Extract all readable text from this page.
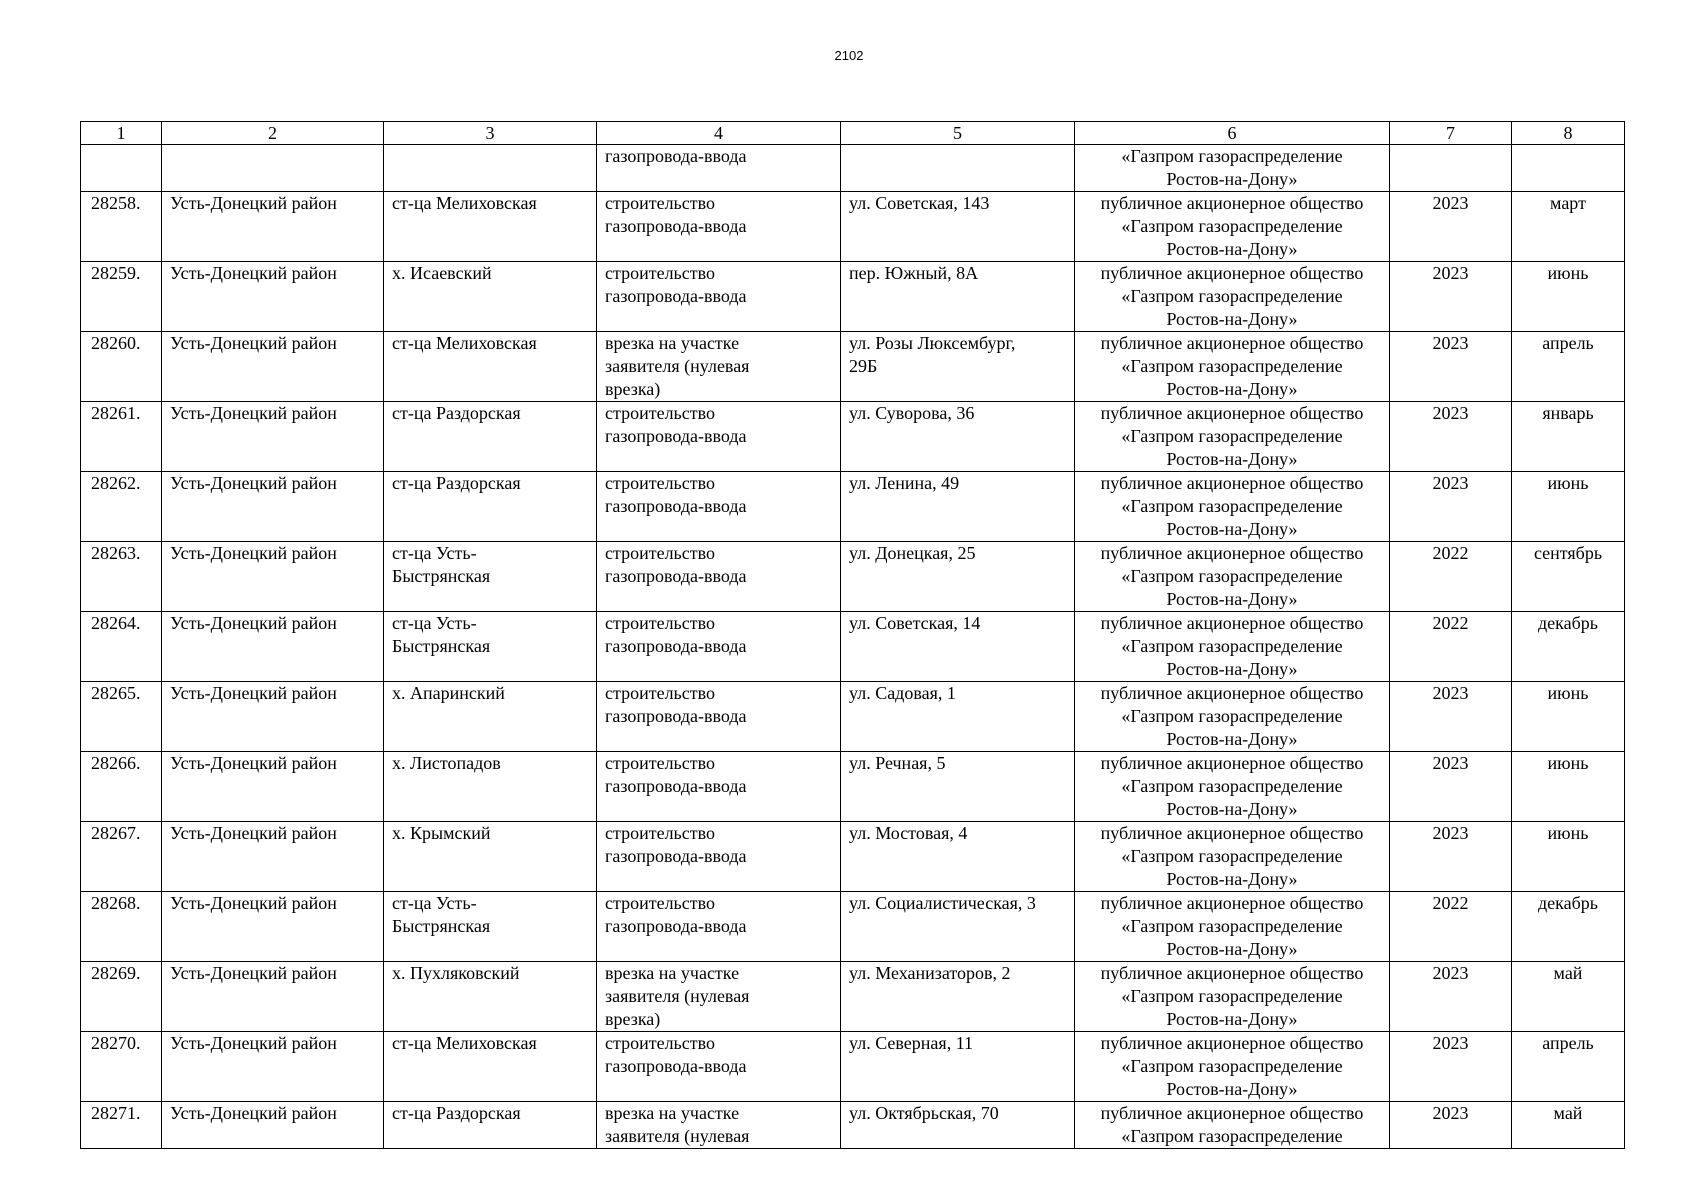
2102
1	2	3	4	5	6	7	8

			газопровода-ввода		«Газпром газораспределение
Ростов-на-Дону»		

28258.	Усть-Донецкий район	ст-ца Мелиховская	строительство
газопровода-ввода	ул. Советская, 143	публичное акционерное общество
«Газпром газораспределение
Ростов-на-Дону»	2023	март
28259.	Усть-Донецкий район	х. Исаевский	строительство
газопровода-ввода	пер. Южный, 8А	публичное акционерное общество
«Газпром газораспределение
Ростов-на-Дону»	2023	июнь
28260.	Усть-Донецкий район	ст-ца Мелиховская	врезка на участке
заявителя (нулевая
врезка)	ул. Розы Люксембург,
29Б	публичное акционерное общество
«Газпром газораспределение
Ростов-на-Дону»	2023	апрель
28261.	Усть-Донецкий район	ст-ца Раздорская	строительство
газопровода-ввода	ул. Суворова, 36	публичное акционерное общество
«Газпром газораспределение
Ростов-на-Дону»	2023	январь
28262.	Усть-Донецкий район	ст-ца Раздорская	строительство
газопровода-ввода	ул. Ленина, 49	публичное акционерное общество
«Газпром газораспределение
Ростов-на-Дону»	2023	июнь
28263.	Усть-Донецкий район	ст-ца Усть-
Быстрянская	строительство
газопровода-ввода	ул. Донецкая, 25	публичное акционерное общество
«Газпром газораспределение
Ростов-на-Дону»	2022	сентябрь
28264.	Усть-Донецкий район	ст-ца Усть-
Быстрянская	строительство
газопровода-ввода	ул. Советская, 14	публичное акционерное общество
«Газпром газораспределение
Ростов-на-Дону»	2022	декабрь
28265.	Усть-Донецкий район	х. Апаринский	строительство
газопровода-ввода	ул. Садовая, 1	публичное акционерное общество
«Газпром газораспределение
Ростов-на-Дону»	2023	июнь
28266.	Усть-Донецкий район	х. Листопадов	строительство
газопровода-ввода	ул. Речная, 5	публичное акционерное общество
«Газпром газораспределение
Ростов-на-Дону»	2023	июнь
28267.	Усть-Донецкий район	х. Крымский	строительство
газопровода-ввода	ул. Мостовая, 4	публичное акционерное общество
«Газпром газораспределение
Ростов-на-Дону»	2023	июнь
28268.	Усть-Донецкий район	ст-ца Усть-
Быстрянская	строительство
газопровода-ввода	ул. Социалистическая, 3	публичное акционерное общество
«Газпром газораспределение
Ростов-на-Дону»	2022	декабрь
28269.	Усть-Донецкий район	х. Пухляковский	врезка на участке
заявителя (нулевая
врезка)	ул. Механизаторов, 2	публичное акционерное общество
«Газпром газораспределение
Ростов-на-Дону»	2023	май
28270.	Усть-Донецкий район	ст-ца Мелиховская	строительство
газопровода-ввода	ул. Северная, 11	публичное акционерное общество
«Газпром газораспределение
Ростов-на-Дону»	2023	апрель
28271.	Усть-Донецкий район	ст-ца Раздорская	врезка на участке
заявителя (нулевая	ул. Октябрьская, 70	публичное акционерное общество
«Газпром газораспределение	2023	май
